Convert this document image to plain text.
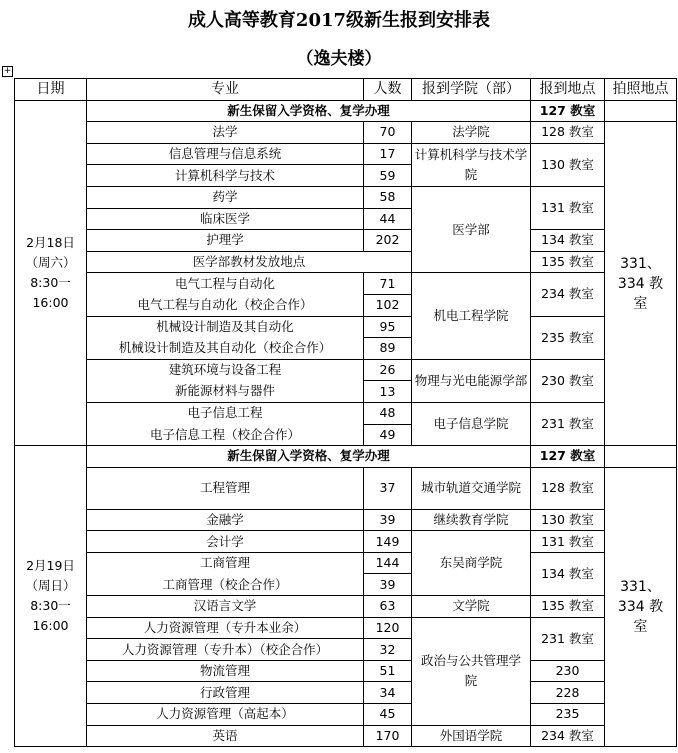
成人高等教育2017级新生报到安排表
（逸夫楼）
+
日期	专业	人数	报到学院（部）	报到地点	拍照地点

2月18日
（周六）
8:30一
16:00	新生保留入学资格、复学办理			127 教室	
	法学	70	法学院	128 教室	331、334 教室
	信息管理与信息系统	17	计算机科学与技术学院	130 教室	
	计算机科学与技术	59			
	药学	58	医学部	131 教室	
	临床医学	44			
	护理学	202		134 教室	
	医学部教材发放地点			135 教室	
	电气工程与自动化	71	机电工程学院	234 教室	
	电气工程与自动化（校企合作）	102			
	机械设计制造及其自动化	95		235 教室	
	机械设计制造及其自动化（校企合作）	89			
	建筑环境与设备工程	26	物理与光电能源学部	230 教室	
	新能源材料与器件	13			
	电子信息工程	48	电子信息学院	231 教室	
	电子信息工程（校企合作）	49			

2月19日
（周日）
8:30一
16:00	新生保留入学资格、复学办理			127 教室	
	工程管理	37	城市轨道交通学院	128 教室	331、334 教室
	金融学	39	继续教育学院	130 教室	
	会计学	149	东吴商学院	131 教室	
	工商管理	144		134 教室	
	工商管理（校企合作）	39			
	汉语言文学	63	文学院	135 教室	
	人力资源管理（专升本业余）	120	政治与公共管理学院	231 教室	
	人力资源管理（专升本）（校企合作）	32			
	物流管理	51		230	
	行政管理	34		228	
	人力资源管理（高起本）	45		235	
	英语	170	外国语学院	234 教室	
